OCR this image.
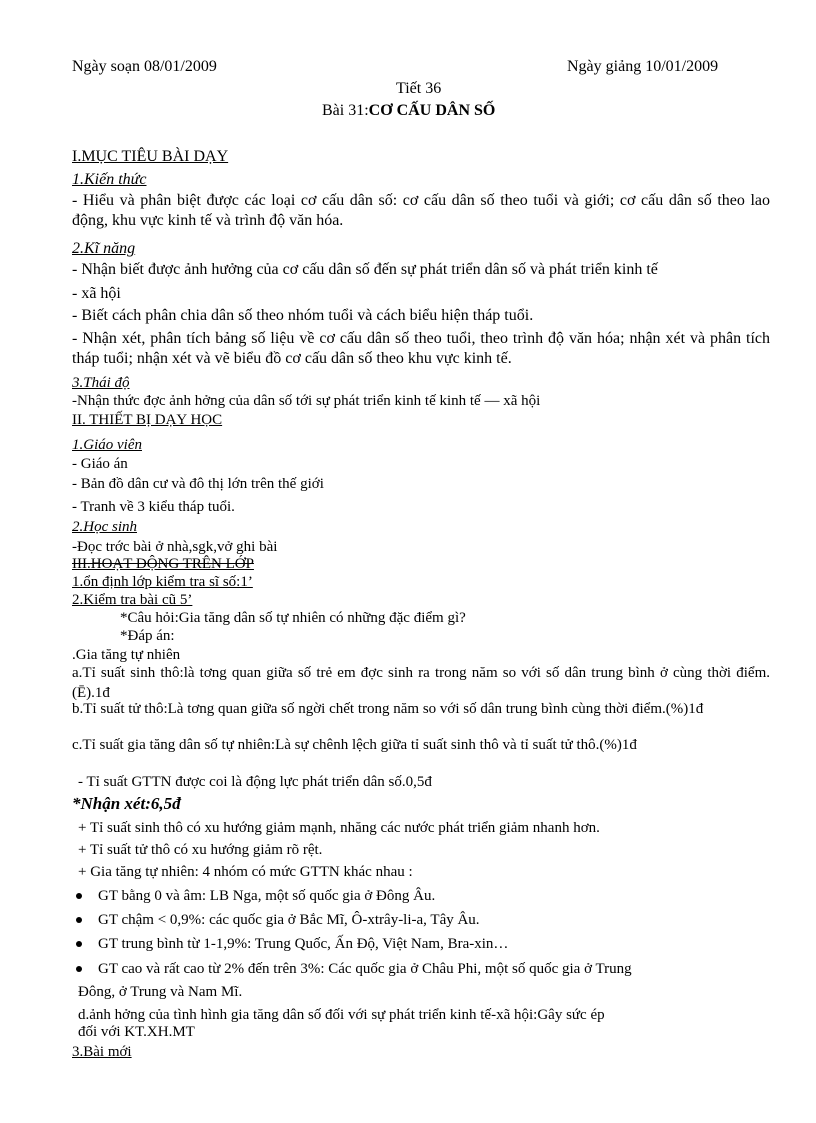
Ngày soạn 08/01/2009	Ngày giảng 10/01/2009
Tiết 36
Bài 31:CƠ CẤU DÂN SỐ
I.MỤC TIÊU BÀI DẠY
1.Kiến thức
- Hiểu và phân biệt được các loại cơ cấu dân số: cơ cấu dân số theo tuổi và giới; cơ cấu dân số theo lao động, khu vực kinh tế và trình độ văn hóa.
2.Kĩ năng
- Nhận biết được ảnh hưởng của cơ cấu dân số đến sự phát triển dân số và phát triển kinh tế
- xã hội
- Biết cách phân chia dân số theo nhóm tuổi và cách biểu hiện tháp tuổi.
- Nhận xét, phân tích bảng số liệu về cơ cấu dân số theo tuổi, theo trình độ văn hóa; nhận xét và phân tích tháp tuổi; nhận xét và vẽ biểu đồ cơ cấu dân số theo khu vực kinh tế.
3.Thái độ
-Nhận thức đợc ảnh hởng của dân số tới sự phát triển kinh tế kinh tế — xã hội
II. THIẾT BỊ DẠY HỌC
1.Giáo viên
- Giáo án
- Bản đồ dân cư và đô thị lớn trên thế giới
- Tranh về 3 kiểu tháp tuổi.
2.Học sinh
-Đọc trớc bài ở nhà,sgk,vở ghi bài
III.HOẠT ĐỘNG TRÊN LỚP
1.ổn định lớp kiểm tra sĩ số:1’
2.Kiểm tra bài cũ 5’
*Câu hỏi:Gia tăng dân số tự nhiên có những đặc điểm gì?
*Đáp án:
.Gia tăng tự nhiên
a.Tỉ suất sinh thô:là tơng quan giữa số trẻ em đợc sinh ra trong năm so với số dân trung bình ở cùng thời điểm.(Ē).1đ
b.Tỉ suất tử thô:Là tơng quan giữa số ngời chết trong năm so với số dân trung bình cùng thời điểm.(%)1đ
c.Tỉ suất gia tăng dân số tự nhiên:Là sự chênh lệch giữa tỉ suất sinh thô và tỉ suất tử thô.(%)1đ
- Tỉ suất GTTN được coi là động lực phát triển dân số.0,5đ
*Nhận xét:6,5đ
+ Tỉ suất sinh thô có xu hướng giảm mạnh, nhăng các nước phát triển giảm nhanh hơn.
+ Tỉ suất tử thô có xu hướng giảm rõ rệt.
+ Gia tăng tự nhiên: 4 nhóm có mức GTTN khác nhau :
GT bằng 0 và âm: LB Nga, một số quốc gia ở Đông Âu.
GT chậm < 0,9%: các quốc gia ở Bắc Mĩ, Ô-xtrây-li-a, Tây Âu.
GT trung bình từ 1-1,9%: Trung Quốc, Ấn Độ, Việt Nam, Bra-xin…
GT cao và rất cao từ 2% đến trên 3%: Các quốc gia ở Châu Phi, một số quốc gia ở Trung
Đông, ở Trung và Nam Mĩ.
d.ảnh hởng của tình hình gia tăng dân số đối với sự phát triển kinh tế-xã hội:Gây sức ép
đối với KT.XH.MT
3.Bài mới
